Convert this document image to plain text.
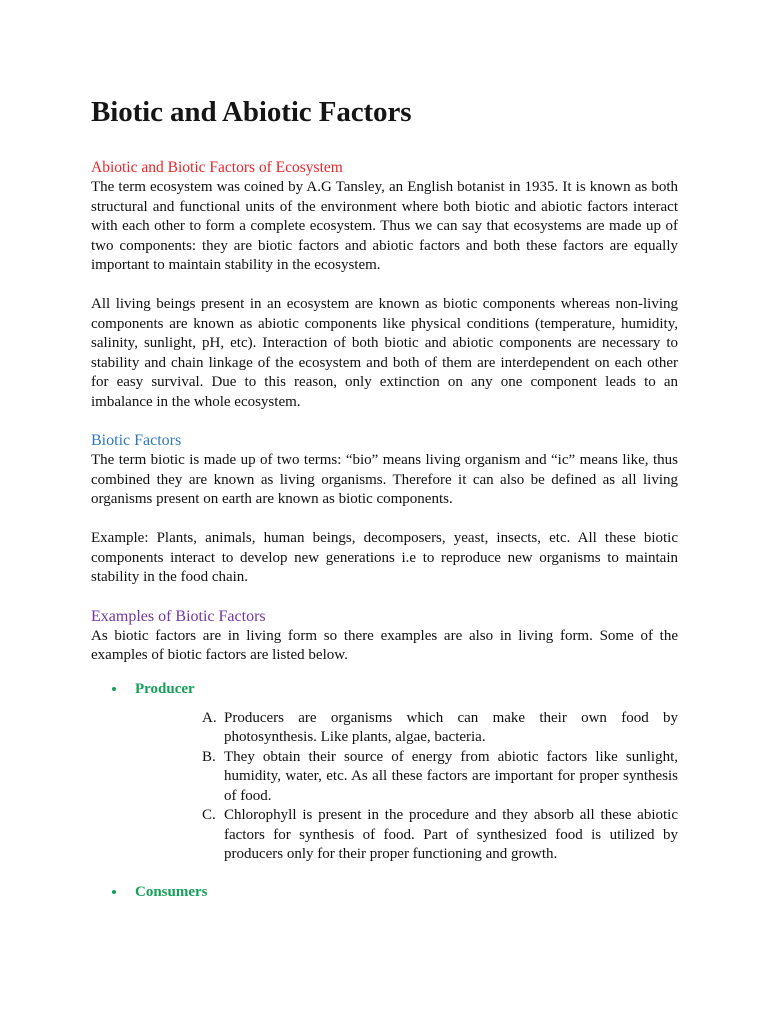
Biotic and Abiotic Factors
Abiotic and Biotic Factors of Ecosystem

The term ecosystem was coined by A.G Tansley, an English botanist in 1935. It is known as both structural and functional units of the environment where both biotic and abiotic factors interact with each other to form a complete ecosystem. Thus we can say that ecosystems are made up of two components: they are biotic factors and abiotic factors and both these factors are equally important to maintain stability in the ecosystem.

All living beings present in an ecosystem are known as biotic components whereas non-living components are known as abiotic components like physical conditions (temperature, humidity, salinity, sunlight, pH, etc). Interaction of both biotic and abiotic components are necessary to stability and chain linkage of the ecosystem and both of them are interdependent on each other for easy survival. Due to this reason, only extinction on any one component leads to an imbalance in the whole ecosystem.

Biotic Factors

The term biotic is made up of two terms: “bio” means living organism and “ic” means like, thus combined they are known as living organisms. Therefore it can also be defined as all living organisms present on earth are known as biotic components.

Example: Plants, animals, human beings, decomposers, yeast, insects, etc. All these biotic components interact to develop new generations i.e to reproduce new organisms to maintain stability in the food chain.

Examples of Biotic Factors

As biotic factors are in living form so there examples are also in living form. Some of the examples of biotic factors are listed below.

Producer
A. Producers are organisms which can make their own food by photosynthesis. Like plants, algae, bacteria.
B. They obtain their source of energy from abiotic factors like sunlight, humidity, water, etc. As all these factors are important for proper synthesis of food.
C. Chlorophyll is present in the procedure and they absorb all these abiotic factors for synthesis of food. Part of synthesized food is utilized by producers only for their proper functioning and growth.
Consumers
